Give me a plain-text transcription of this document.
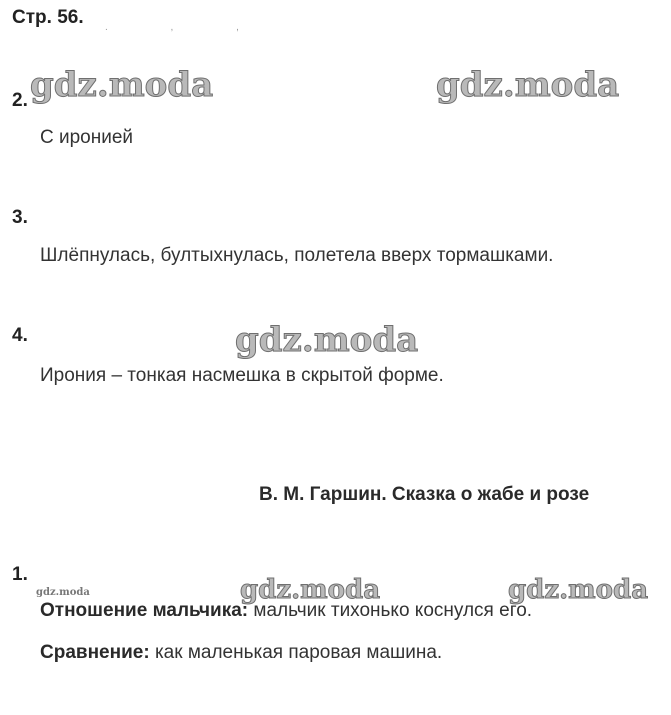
Стр. 56. . , ,
gdz.moda	gdz.moda
gdz.moda
gdz.moda	gdz.moda	gdz.moda
2.
С иронией
3.
Шлёпнулась, бултыхнулась, полетела вверх тормашками.
4.
Ирония – тонкая насмешка в скрытой форме.
В. М. Гаршин. Сказка о жабе и розе
1.
Отношение мальчика: мальчик тихонько коснулся его.
Сравнение: как маленькая паровая машина.
